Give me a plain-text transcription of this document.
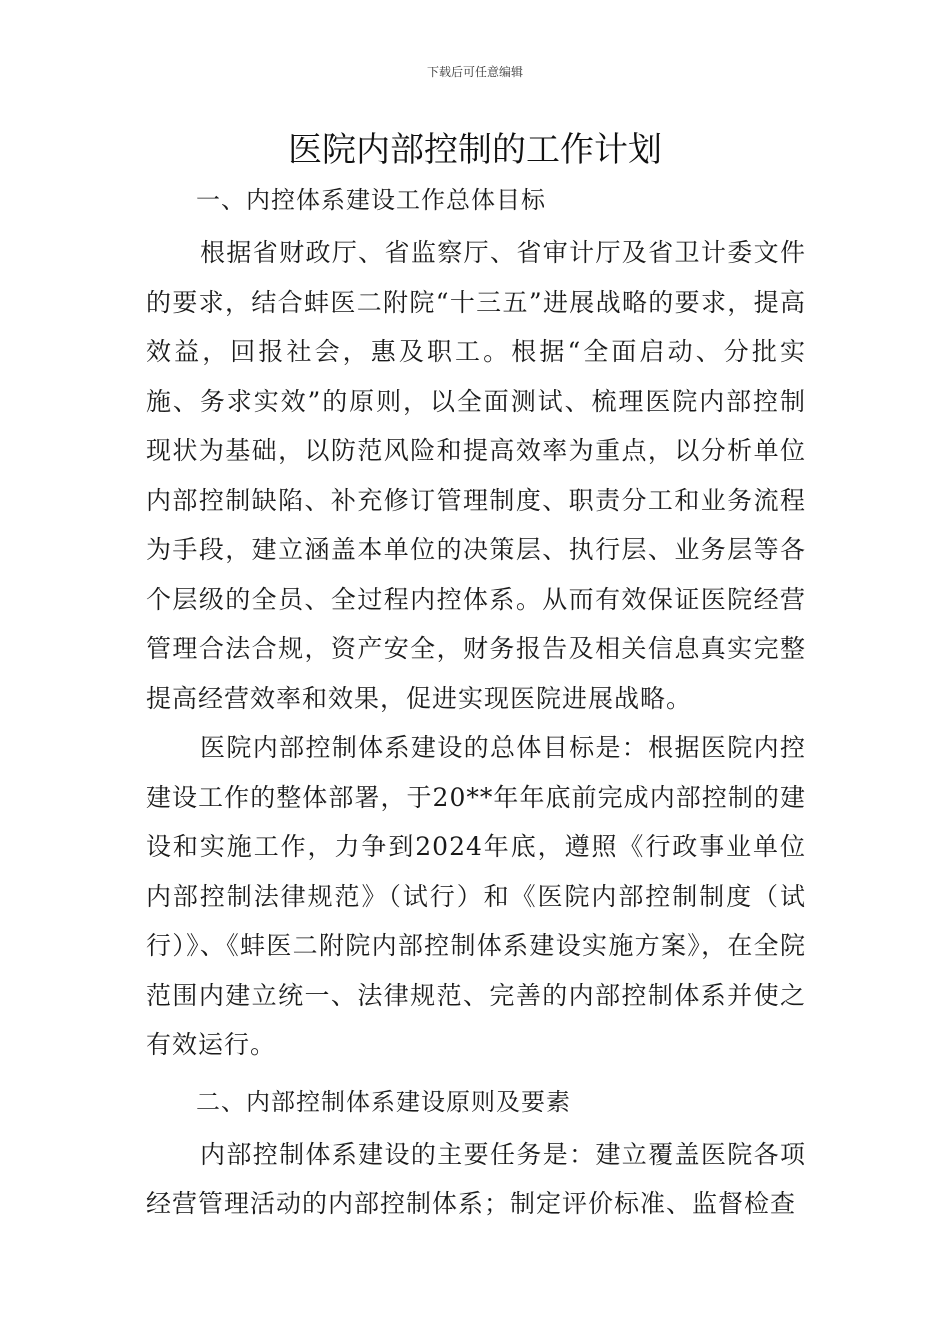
下载后可任意编辑
医院内部控制的工作计划
一、内控体系建设工作总体目标

根据省财政厅、省监察厅、省审计厅及省卫计委文件的要求，结合蚌医二附院“十三五”进展战略的要求，提高效益，回报社会，惠及职工。根据“全面启动、分批实施、务求实效”的原则，以全面测试、梳理医院内部控制现状为基础，以防范风险和提高效率为重点，以分析单位内部控制缺陷、补充修订管理制度、职责分工和业务流程为手段，建立涵盖本单位的决策层、执行层、业务层等各个层级的全员、全过程内控体系。从而有效保证医院经营管理合法合规，资产安全，财务报告及相关信息真实完整提高经营效率和效果，促进实现医院进展战略。

医院内部控制体系建设的总体目标是：根据医院内控建设工作的整体部署，于20**年年底前完成内部控制的建设和实施工作，力争到2024年底，遵照《行政事业单位内部控制法律规范》（试行）和《医院内部控制制度（试行）》、《蚌医二附院内部控制体系建设实施方案》，在全院范围内建立统一、法律规范、完善的内部控制体系并使之有效运行。

二、内部控制体系建设原则及要素

内部控制体系建设的主要任务是：建立覆盖医院各项经营管理活动的内部控制体系；制定评价标准、监督检查
